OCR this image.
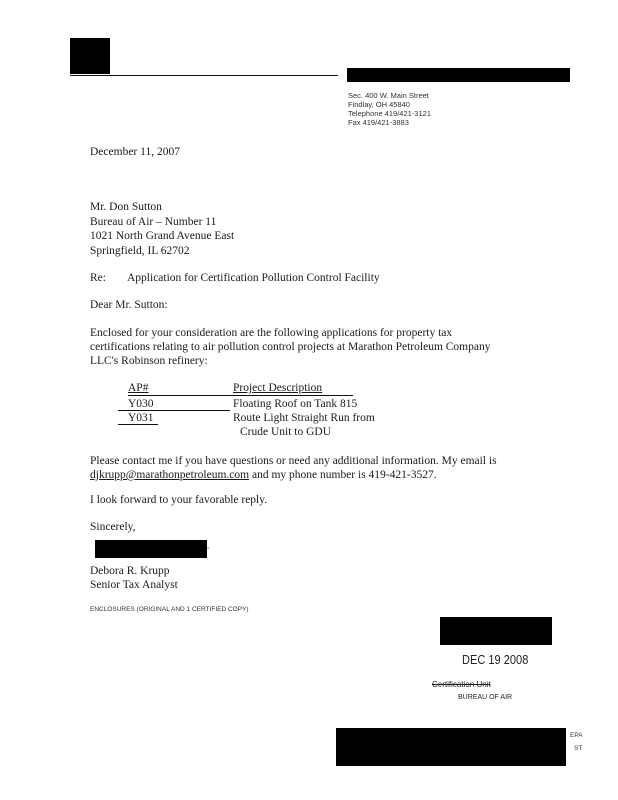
Sec. 400 W. Main Street
Findlay, OH 45840
Telephone 419/421-3121
Fax 419/421-3883
December 11, 2007
Mr. Don Sutton
Bureau of Air – Number 11
1021 North Grand Avenue East
Springfield, IL 62702
Re: Application for Certification Pollution Control Facility
Dear Mr. Sutton:
Enclosed for your consideration are the following applications for property tax
certifications relating to air pollution control projects at Marathon Petroleum Company
LLC's Robinson refinery:
AP#	Project Description
Y030	Floating Roof on Tank 815
Y031	Route Light Straight Run from
Crude Unit to GDU
Please contact me if you have questions or need any additional information. My email is
djkrupp@marathonpetroleum.com and my phone number is 419-421-3527.
I look forward to your favorable reply.
Sincerely,
~
Debora R. Krupp
Senior Tax Analyst
ENCLOSURES (ORIGINAL AND 1 CERTIFIED COPY)
DEC 19 2008
Certification Unit
BUREAU OF AIR
EPA
ST
